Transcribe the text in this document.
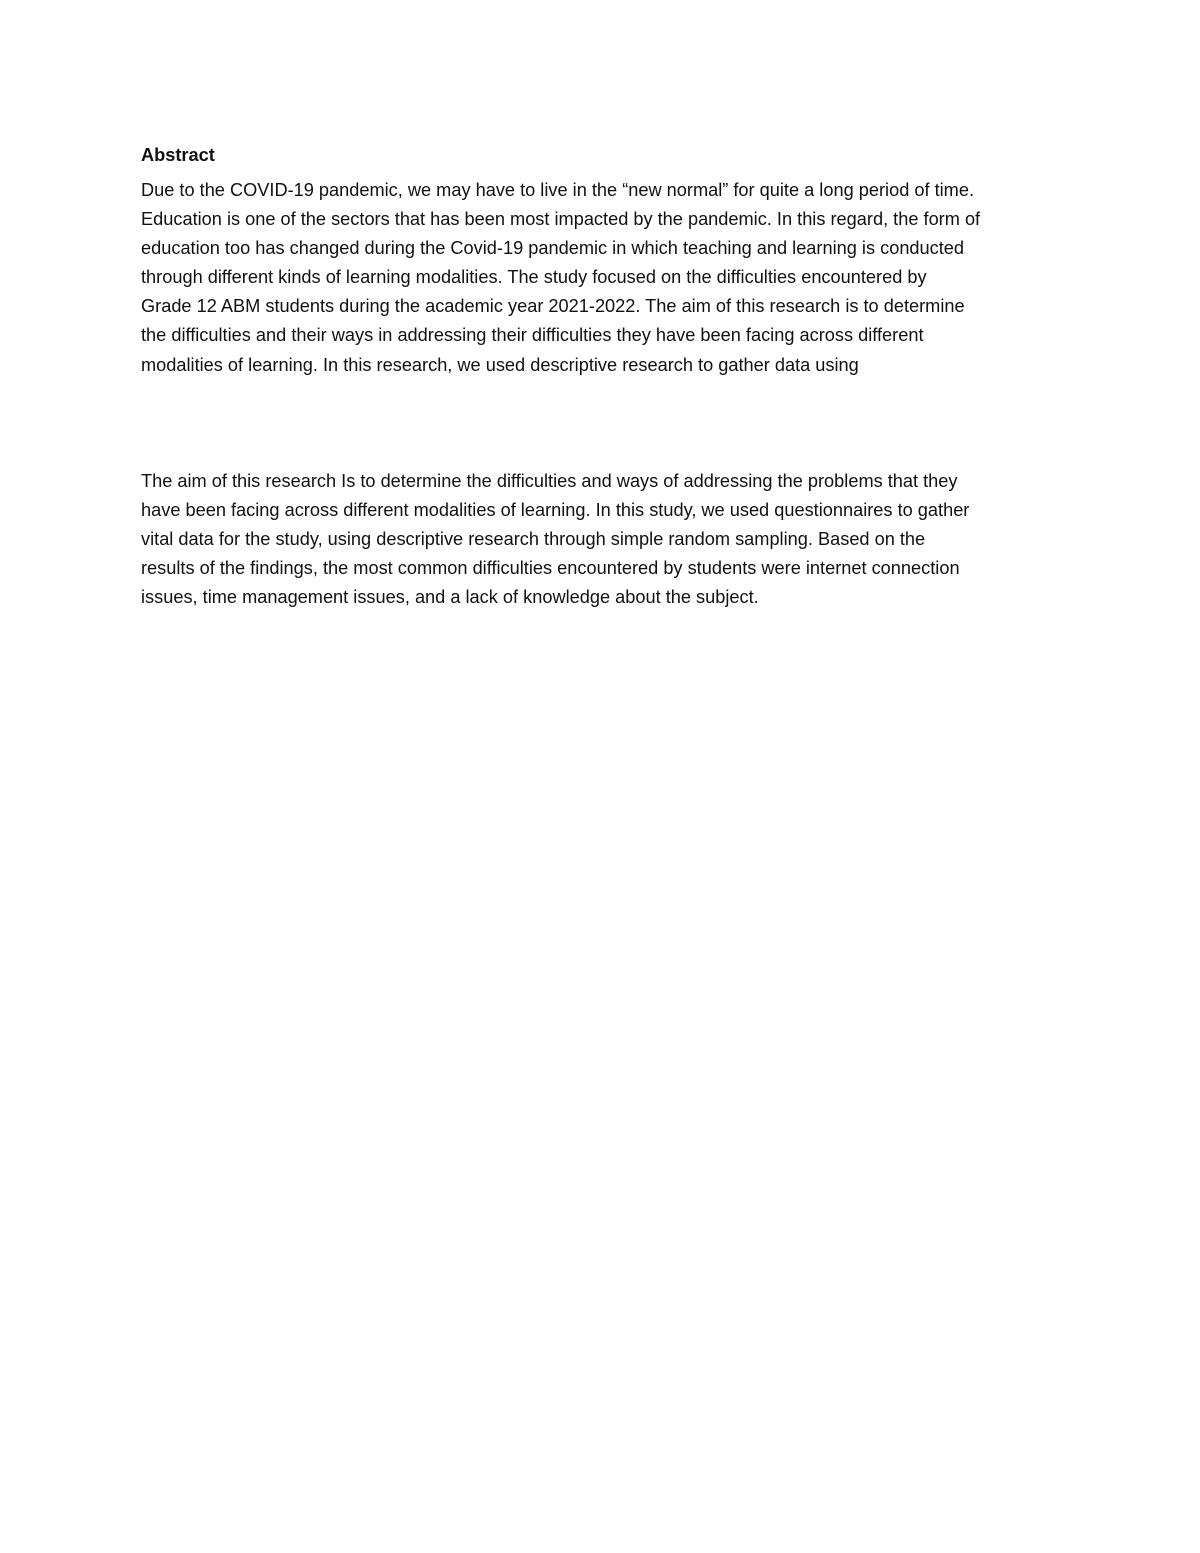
Abstract

Due to the COVID-19 pandemic, we may have to live in the “new normal” for quite a long period of time.
Education is one of the sectors that has been most impacted by the pandemic. In this regard, the form of
education too has changed during the Covid-19 pandemic in which teaching and learning is conducted
through different kinds of learning modalities. The study focused on the difficulties encountered by
Grade 12 ABM students during the academic year 2021-2022. The aim of this research is to determine
the difficulties and their ways in addressing their difficulties they have been facing across different
modalities of learning. In this research, we used descriptive research to gather data using

The aim of this research Is to determine the difficulties and ways of addressing the problems that they
have been facing across different modalities of learning. In this study, we used questionnaires to gather
vital data for the study, using descriptive research through simple random sampling. Based on the
results of the findings, the most common difficulties encountered by students were internet connection
issues, time management issues, and a lack of knowledge about the subject.
